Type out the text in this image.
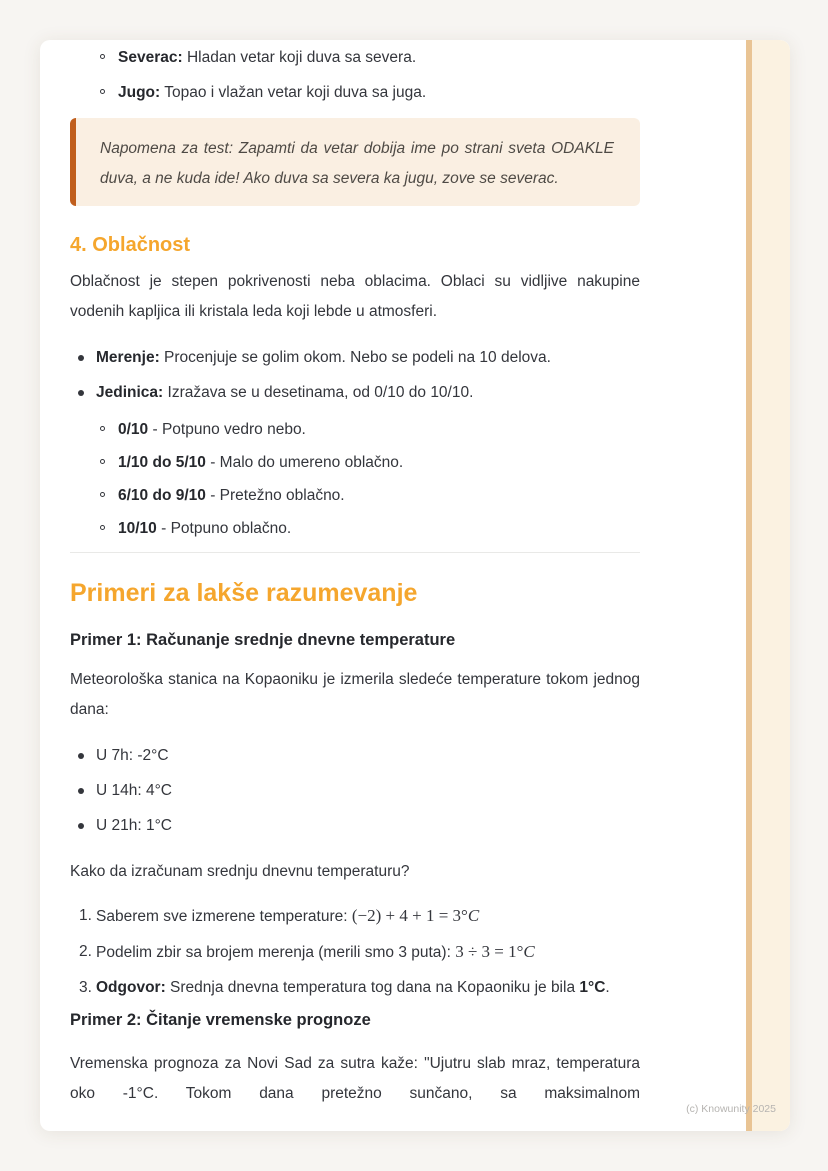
Severac: Hladan vetar koji duva sa severa.
Jugo: Topao i vlažan vetar koji duva sa juga.

Napomena za test: Zapamti da vetar dobija ime po strani sveta ODAKLE duva, a ne kuda ide! Ako duva sa severa ka jugu, zove se severac.

4. Oblačnost

Oblačnost je stepen pokrivenosti neba oblacima. Oblaci su vidljive nakupine vodenih kapljica ili kristala leda koji lebde u atmosferi.

Merenje: Procenjuje se golim okom. Nebo se podeli na 10 delova.
Jedinica: Izražava se u desetinama, od 0/10 do 10/10.
0/10 - Potpuno vedro nebo.
1/10 do 5/10 - Malo do umereno oblačno.
6/10 do 9/10 - Pretežno oblačno.
10/10 - Potpuno oblačno.
Primeri za lakše razumevanje
Primer 1: Računanje srednje dnevne temperature

Meteorološka stanica na Kopaoniku je izmerila sledeće temperature tokom jednog dana:

U 7h: -2°C
U 14h: 4°C
U 21h: 1°C

Kako da izračunam srednju dnevnu temperaturu?

1. Saberem sve izmerene temperature: (−2) + 4 + 1 = 3°C
2. Podelim zbir sa brojem merenja (merili smo 3 puta): 3 ÷ 3 = 1°C
3. Odgovor: Srednja dnevna temperatura tog dana na Kopaoniku je bila 1°C.
Primer 2: Čitanje vremenske prognoze

Vremenska prognoza za Novi Sad za sutra kaže: "Ujutru slab mraz, temperatura oko -1°C. Tokom dana pretežno sunčano, sa maksimalnom

(c) Knowunity 2025
